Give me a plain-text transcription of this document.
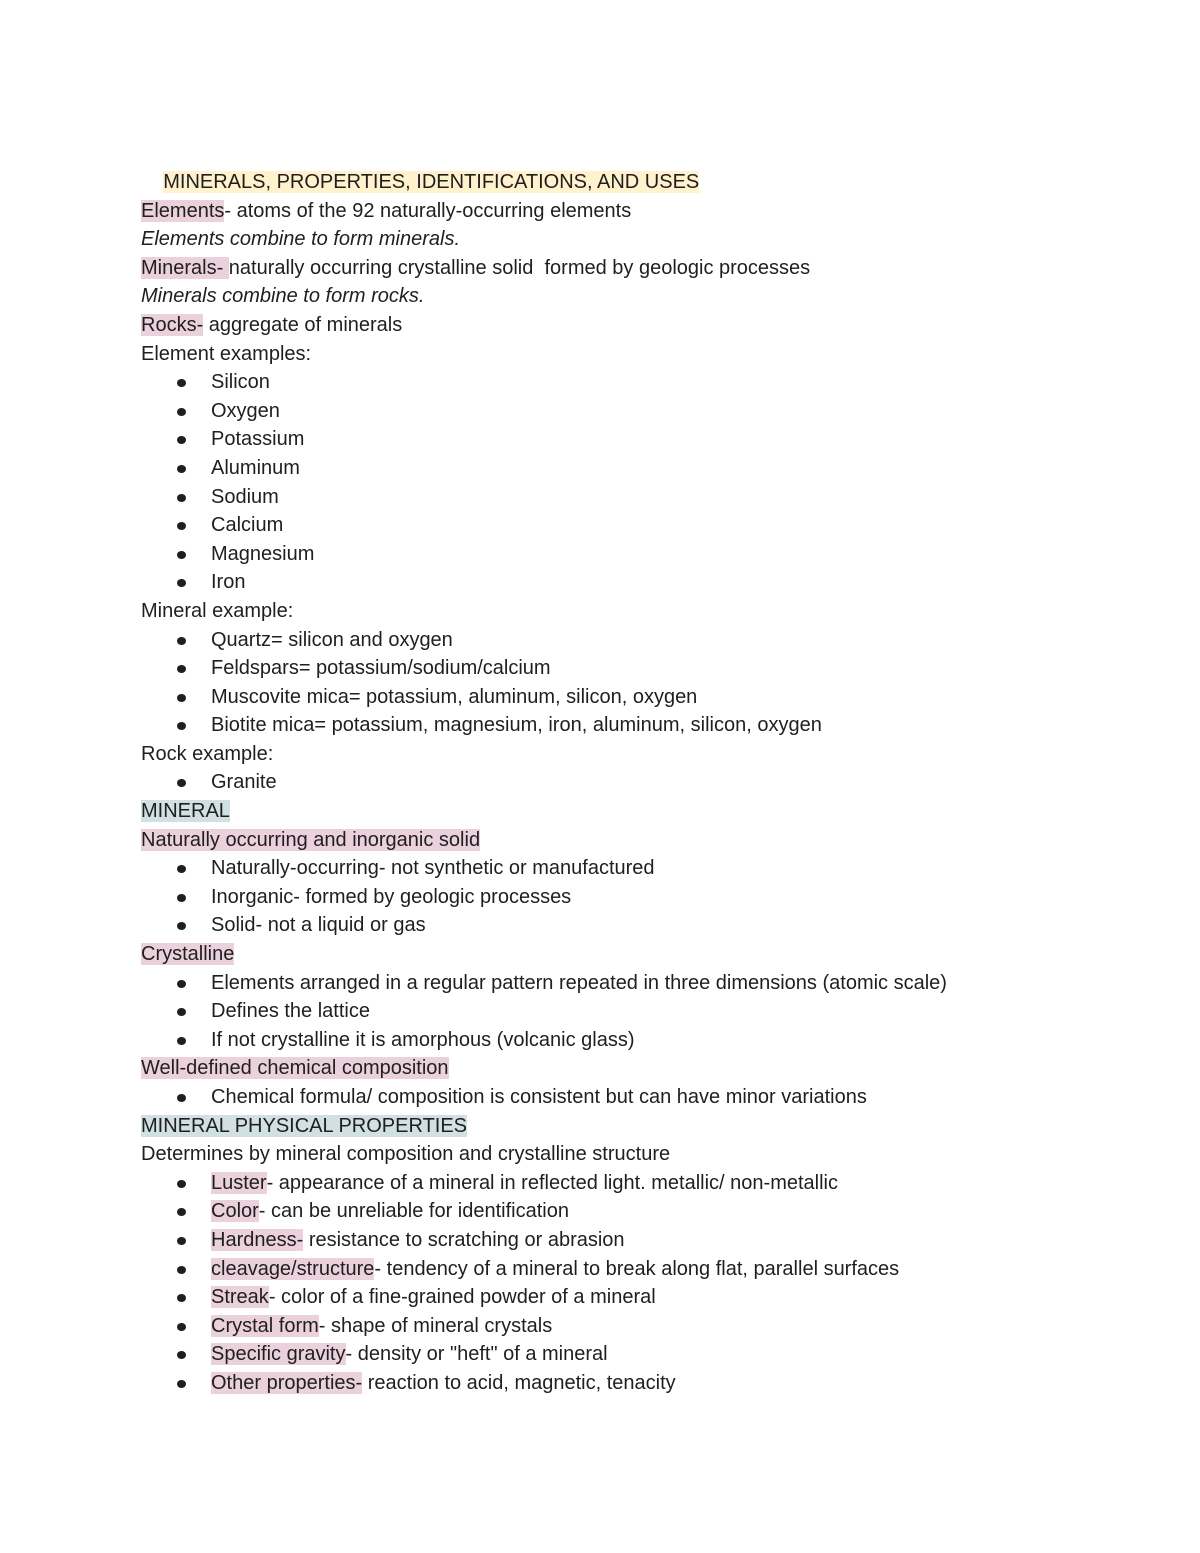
MINERALS, PROPERTIES, IDENTIFICATIONS, AND USES

Elements- atoms of the 92 naturally-occurring elements
Elements combine to form minerals.
Minerals- naturally occurring crystalline solid  formed by geologic processes
Minerals combine to form rocks.
Rocks- aggregate of minerals
Element examples:
Silicon
Oxygen
Potassium
Aluminum
Sodium
Calcium
Magnesium
Iron
Mineral example:
Quartz= silicon and oxygen
Feldspars= potassium/sodium/calcium
Muscovite mica= potassium, aluminum, silicon, oxygen
Biotite mica= potassium, magnesium, iron, aluminum, silicon, oxygen
Rock example:
Granite
MINERAL
Naturally occurring and inorganic solid
Naturally-occurring- not synthetic or manufactured
Inorganic- formed by geologic processes
Solid- not a liquid or gas
Crystalline
Elements arranged in a regular pattern repeated in three dimensions (atomic scale)
Defines the lattice
If not crystalline it is amorphous (volcanic glass)
Well-defined chemical composition
Chemical formula/ composition is consistent but can have minor variations
MINERAL PHYSICAL PROPERTIES
Determines by mineral composition and crystalline structure
Luster- appearance of a mineral in reflected light. metallic/ non-metallic
Color- can be unreliable for identification
Hardness- resistance to scratching or abrasion
cleavage/structure- tendency of a mineral to break along flat, parallel surfaces
Streak- color of a fine-grained powder of a mineral
Crystal form- shape of mineral crystals
Specific gravity- density or "heft" of a mineral
Other properties- reaction to acid, magnetic, tenacity
